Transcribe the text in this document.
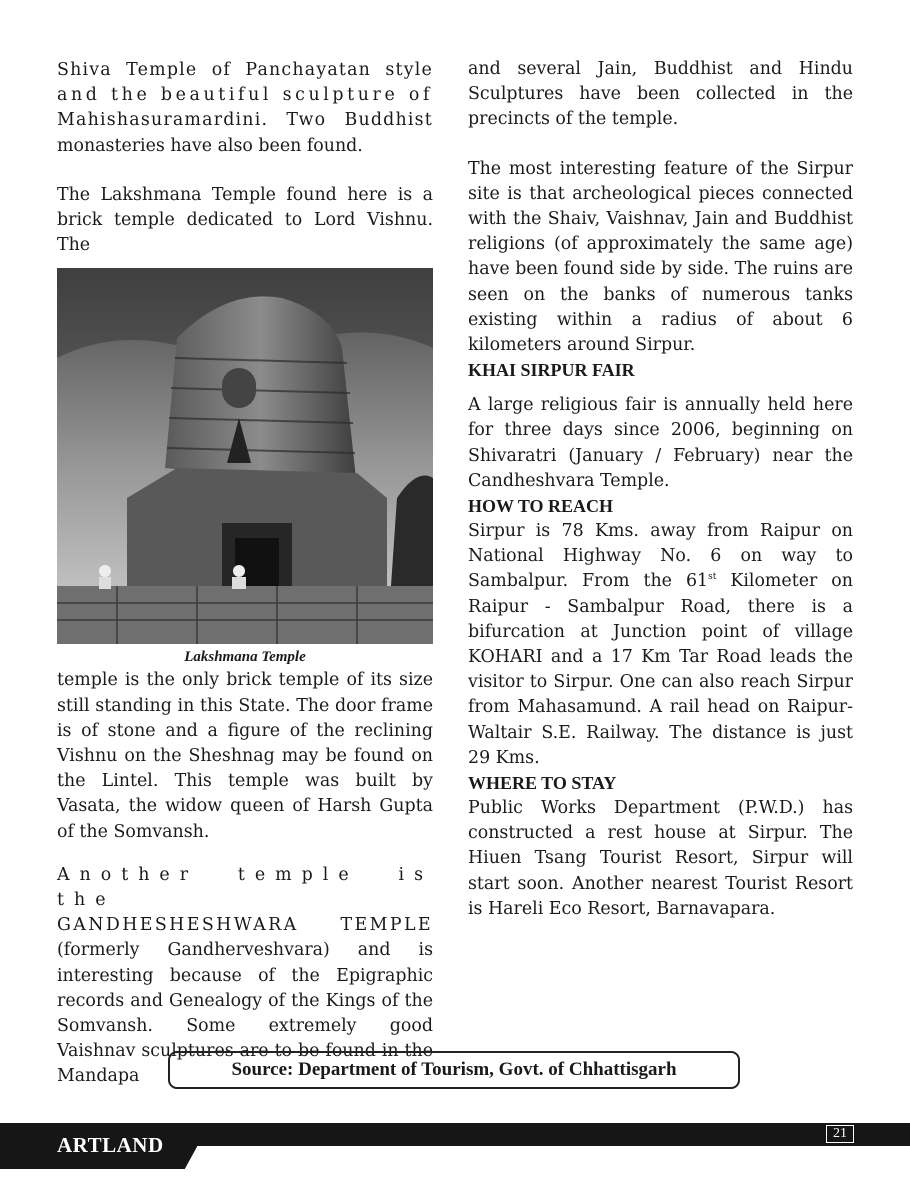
Shiva Temple of Panchayatan style

and the beautiful sculpture of

Mahishasuramardini. Two Buddhist

monasteries have also been found.

The Lakshmana Temple found here is a brick temple dedicated to Lord Vishnu. The

Lakshmana Temple

temple is the only brick temple of its size still standing in this State. The door frame is of stone and a figure of the reclining Vishnu on the Sheshnag may be found on the Lintel. This temple was built by Vasata, the widow queen of Harsh Gupta of the Somvansh.

Another temple is the

GANDHESHESHWARA TEMPLE

(formerly Gandherveshvara) and is interesting because of the Epigraphic records and Genealogy of the Kings of the Somvansh. Some extremely good Vaishnav sculptures are to be found in the Mandapa

and several Jain, Buddhist and Hindu Sculptures have been collected in the precincts of the temple.

The most interesting feature of the Sirpur site is that archeological pieces connected with the Shaiv, Vaishnav, Jain and Buddhist religions (of approximately the same age) have been found side by side. The ruins are seen on the banks of numerous tanks existing within a radius of about 6 kilometers around Sirpur.

KHAI SIRPUR FAIR

A large religious fair is annually held here for three days since 2006, beginning on Shivaratri (January / February) near the Candheshvara Temple.

HOW TO REACH

Sirpur is 78 Kms. away from Raipur on National Highway No. 6 on way to Sambalpur. From the 61st Kilometer on Raipur - Sambalpur Road, there is a bifurcation at Junction point of village KOHARI and a 17 Km Tar Road leads the visitor to Sirpur. One can also reach Sirpur from Mahasamund. A rail head on Raipur-Waltair S.E. Railway. The distance is just 29 Kms.

WHERE TO STAY

Public Works Department (P.W.D.) has constructed a rest house at Sirpur. The Hiuen Tsang Tourist Resort, Sirpur will start soon. Another nearest Tourist Resort is Hareli Eco Resort, Barnavapara.

Source: Department of Tourism, Govt. of Chhattisgarh
ARTLAND	21
